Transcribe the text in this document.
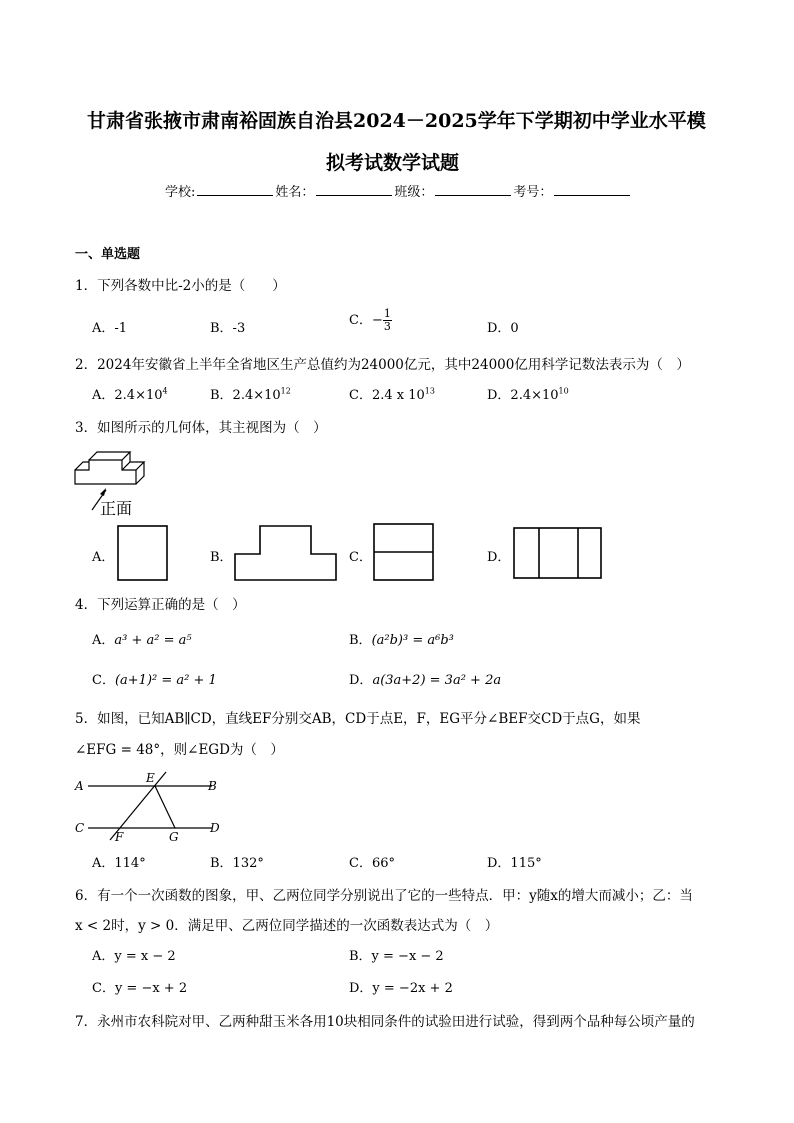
甘肃省张掖市肃南裕固族自治县2024－2025学年下学期初中学业水平模
拟考试数学试题
学校:	姓名：	班级：	考号：
一、单选题
1．下列各数中比-2小的是（　　）
A．-1	B．-3
C．− $\frac{1}{3}$	D．0
2．2024年安徽省上半年全省地区生产总值约为24000亿元，其中24000亿用科学记数法表示为（　）
A．$2.4\times 10^4$	B．$2.4\times 10^{12}$	C．2.4 x $10^{13}$	D．$2.4\times 10^{10}$
3．如图所示的几何体，其主视图为（　）
正面
A．	B．	C．	D．
4．下列运算正确的是（　）
A．a³ + a² = a⁵	B．(a²b)³ = a⁶b³
C．(a+1)² = a² + 1	D．a(3a+2) = 3a² + 2a
5．如图，已知AB∥CD，直线EF分别交AB，CD于点E，F，EG平分∠BEF交CD于点G，如果
∠EFG = 48°，则∠EGD为（　）
A	B
C	D
E
F	G
A．114°	B．132°	C．66°	D．115°
6．有一个一次函数的图象，甲、乙两位同学分别说出了它的一些特点．甲：y随x的增大而减小；乙：当
x < 2时，y > 0．满足甲、乙两位同学描述的一次函数表达式为（　）
A．y = x − 2	B．y = −x − 2
C．y = −x + 2	D．y = −2x + 2
7．永州市农科院对甲、乙两种甜玉米各用10块相同条件的试验田进行试验，得到两个品种每公顷产量的
